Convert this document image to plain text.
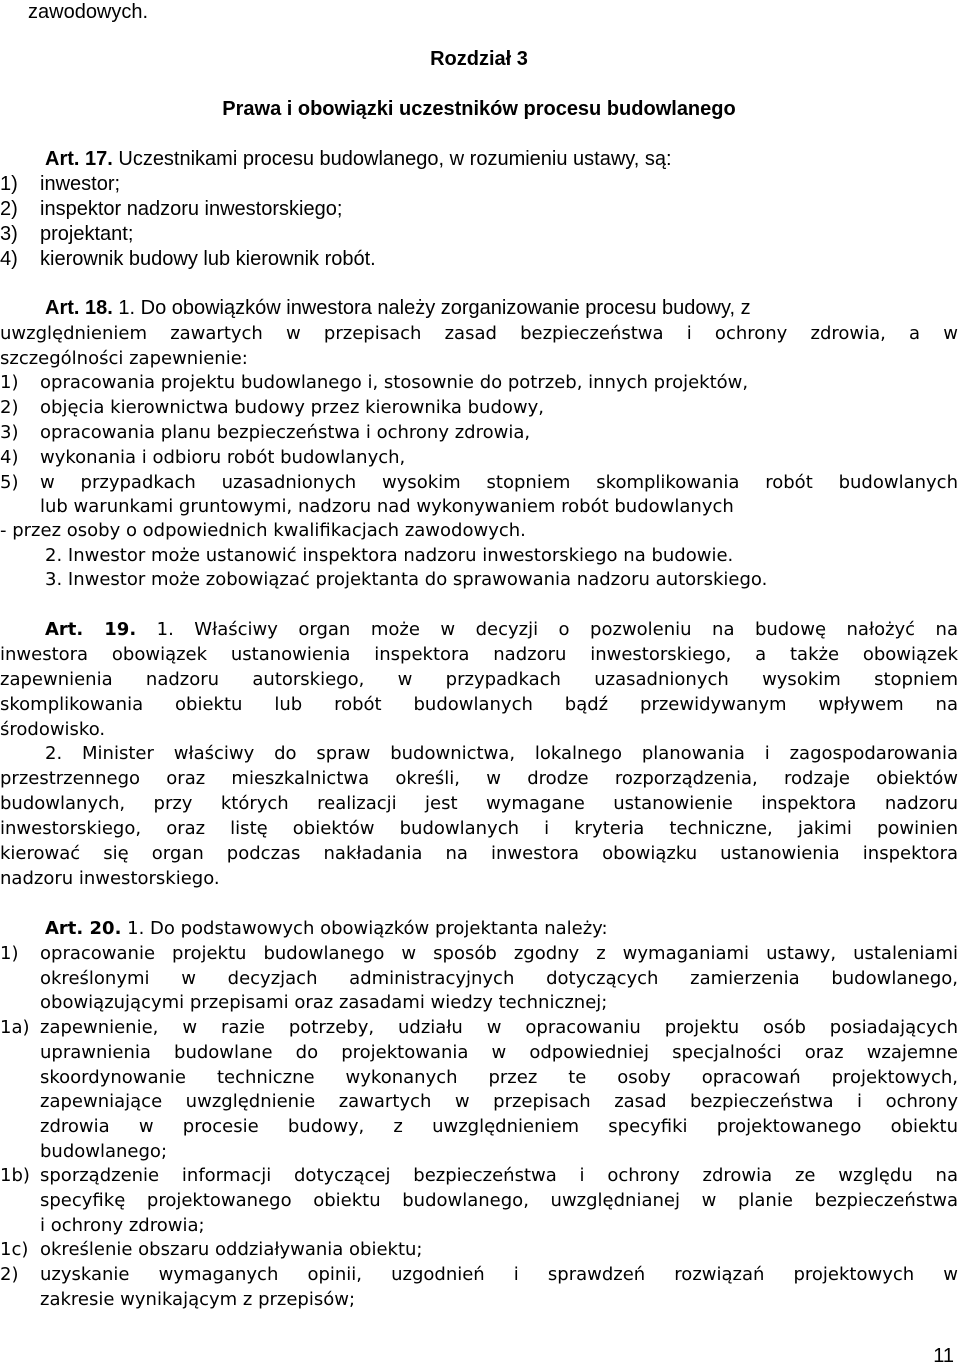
zawodowych.
Rozdział 3
Prawa i obowiązki uczestników procesu budowlanego
Art. 17. Uczestnikami procesu budowlanego, w rozumieniu ustawy, są:
1)	inwestor;
2)	inspektor nadzoru inwestorskiego;
3)	projektant;
4)	kierownik budowy lub kierownik robót.
Art. 18. 1. Do obowiązków inwestora należy zorganizowanie procesu budowy, z
uwzględnieniem zawartych w przepisach zasad bezpieczeństwa i ochrony zdrowia, a w
szczególności zapewnienie:
1)	opracowania projektu budowlanego i, stosownie do potrzeb, innych projektów,
2)	objęcia kierownictwa budowy przez kierownika budowy,
3)	opracowania planu bezpieczeństwa i ochrony zdrowia,
4)	wykonania i odbioru robót budowlanych,
5)	w przypadkach uzasadnionych wysokim stopniem skomplikowania robót budowlanych
lub warunkami gruntowymi, nadzoru nad wykonywaniem robót budowlanych
- przez osoby o odpowiednich kwalifikacjach zawodowych.
2. Inwestor może ustanowić inspektora nadzoru inwestorskiego na budowie.
3. Inwestor może zobowiązać projektanta do sprawowania nadzoru autorskiego.
Art. 19. 1. Właściwy organ może w decyzji o pozwoleniu na budowę nałożyć na
inwestora obowiązek ustanowienia inspektora nadzoru inwestorskiego, a także obowiązek
zapewnienia nadzoru autorskiego, w przypadkach uzasadnionych wysokim stopniem
skomplikowania obiektu lub robót budowlanych bądź przewidywanym wpływem na
środowisko.
2. Minister właściwy do spraw budownictwa, lokalnego planowania i zagospodarowania
przestrzennego oraz mieszkalnictwa określi, w drodze rozporządzenia, rodzaje obiektów
budowlanych, przy których realizacji jest wymagane ustanowienie inspektora nadzoru
inwestorskiego, oraz listę obiektów budowlanych i kryteria techniczne, jakimi powinien
kierować się organ podczas nakładania na inwestora obowiązku ustanowienia inspektora
nadzoru inwestorskiego.
Art. 20. 1. Do podstawowych obowiązków projektanta należy:
1)	opracowanie projektu budowlanego w sposób zgodny z wymaganiami ustawy, ustaleniami
określonymi w decyzjach administracyjnych dotyczących zamierzenia budowlanego,
obowiązującymi przepisami oraz zasadami wiedzy technicznej;
1a) zapewnienie, w razie potrzeby, udziału w opracowaniu projektu osób posiadających
uprawnienia budowlane do projektowania w odpowiedniej specjalności oraz wzajemne
skoordynowanie techniczne wykonanych przez te osoby opracowań projektowych,
zapewniające uwzględnienie zawartych w przepisach zasad bezpieczeństwa i ochrony
zdrowia w procesie budowy, z uwzględnieniem specyfiki projektowanego obiektu
budowlanego;
1b) sporządzenie informacji dotyczącej bezpieczeństwa i ochrony zdrowia ze względu na
specyfikę projektowanego obiektu budowlanego, uwzględnianej w planie bezpieczeństwa
i ochrony zdrowia;
1c) określenie obszaru oddziaływania obiektu;
2)	uzyskanie wymaganych opinii, uzgodnień i sprawdzeń rozwiązań projektowych w
zakresie wynikającym z przepisów;
11
